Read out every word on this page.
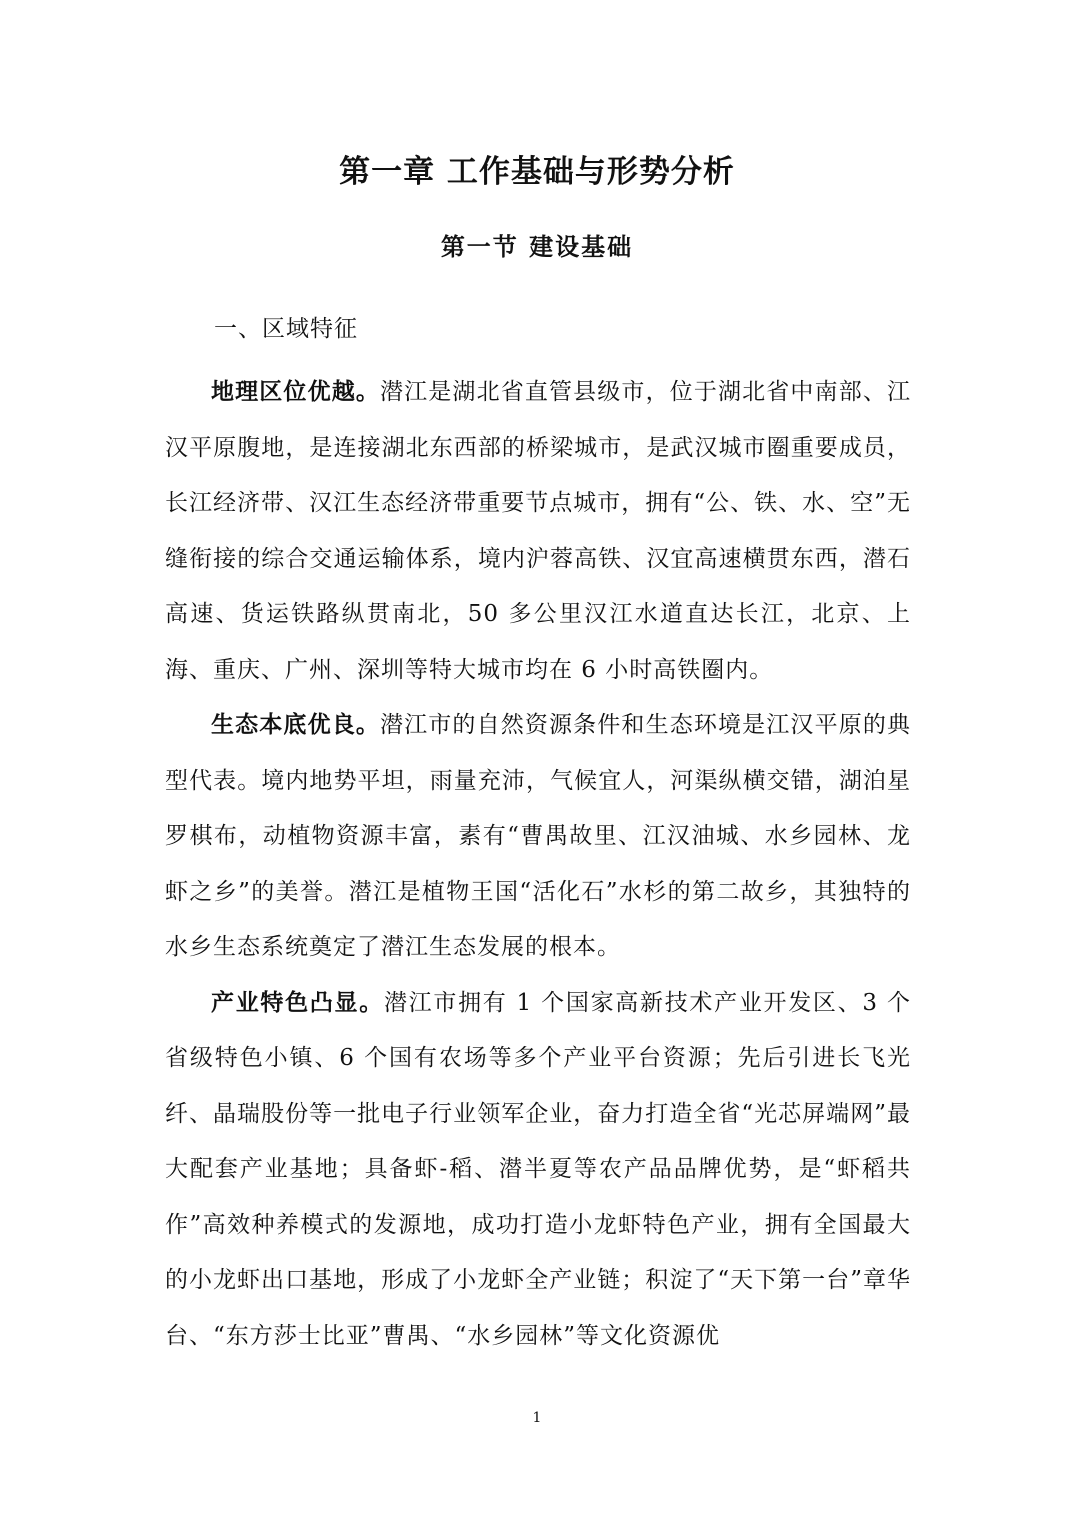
第一章 工作基础与形势分析
第一节 建设基础
一、区域特征

地理区位优越。潜江是湖北省直管县级市，位于湖北省中南部、江汉平原腹地，是连接湖北东西部的桥梁城市，是武汉城市圈重要成员，长江经济带、汉江生态经济带重要节点城市，拥有“公、铁、水、空”无缝衔接的综合交通运输体系，境内沪蓉高铁、汉宜高速横贯东西，潜石高速、货运铁路纵贯南北，50 多公里汉江水道直达长江，北京、上海、重庆、广州、深圳等特大城市均在 6 小时高铁圈内。

生态本底优良。潜江市的自然资源条件和生态环境是江汉平原的典型代表。境内地势平坦，雨量充沛，气候宜人，河渠纵横交错，湖泊星罗棋布，动植物资源丰富，素有“曹禺故里、江汉油城、水乡园林、龙虾之乡”的美誉。潜江是植物王国“活化石”水杉的第二故乡，其独特的水乡生态系统奠定了潜江生态发展的根本。

产业特色凸显。潜江市拥有 1 个国家高新技术产业开发区、3 个省级特色小镇、6 个国有农场等多个产业平台资源；先后引进长飞光纤、晶瑞股份等一批电子行业领军企业，奋力打造全省“光芯屏端网”最大配套产业基地；具备虾-稻、潜半夏等农产品品牌优势，是“虾稻共作”高效种养模式的发源地，成功打造小龙虾特色产业，拥有全国最大的小龙虾出口基地，形成了小龙虾全产业链；积淀了“天下第一台”章华台、“东方莎士比亚”曹禺、“水乡园林”等文化资源优

1
